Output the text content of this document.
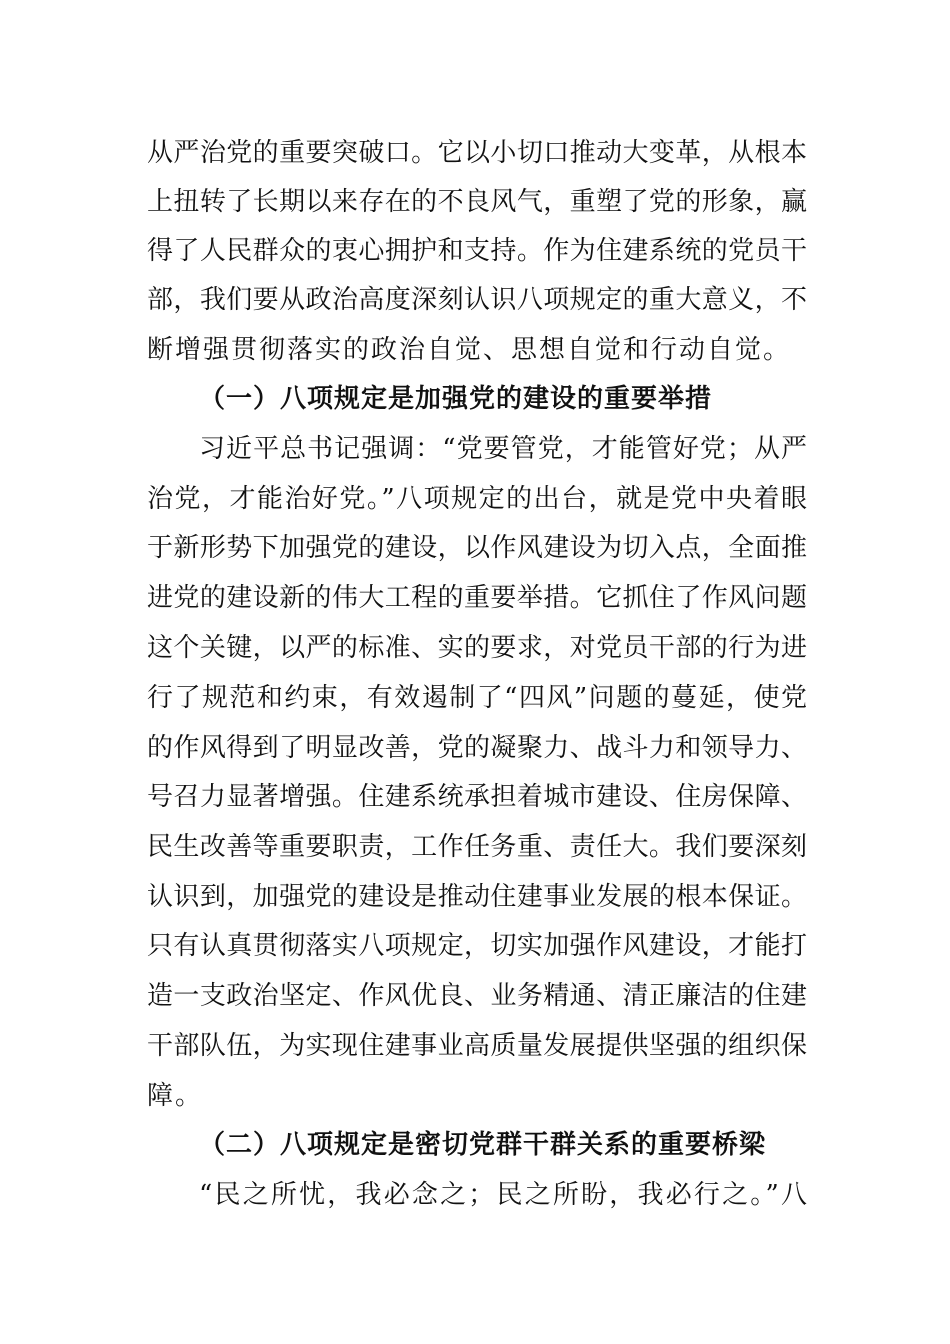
从严治党的重要突破口。它以小切口推动大变革，从根本
上扭转了长期以来存在的不良风气，重塑了党的形象，赢
得了人民群众的衷心拥护和支持。作为住建系统的党员干
部，我们要从政治高度深刻认识八项规定的重大意义，不
断增强贯彻落实的政治自觉、思想自觉和行动自觉。
（一）八项规定是加强党的建设的重要举措
习近平总书记强调：“党要管党，才能管好党；从严
治党，才能治好党。”八项规定的出台，就是党中央着眼
于新形势下加强党的建设，以作风建设为切入点，全面推
进党的建设新的伟大工程的重要举措。它抓住了作风问题
这个关键，以严的标准、实的要求，对党员干部的行为进
行了规范和约束，有效遏制了“四风”问题的蔓延，使党
的作风得到了明显改善，党的凝聚力、战斗力和领导力、
号召力显著增强。住建系统承担着城市建设、住房保障、
民生改善等重要职责，工作任务重、责任大。我们要深刻
认识到，加强党的建设是推动住建事业发展的根本保证。
只有认真贯彻落实八项规定，切实加强作风建设，才能打
造一支政治坚定、作风优良、业务精通、清正廉洁的住建
干部队伍，为实现住建事业高质量发展提供坚强的组织保
障。
（二）八项规定是密切党群干群关系的重要桥梁
“民之所忧，我必念之；民之所盼，我必行之。”八
